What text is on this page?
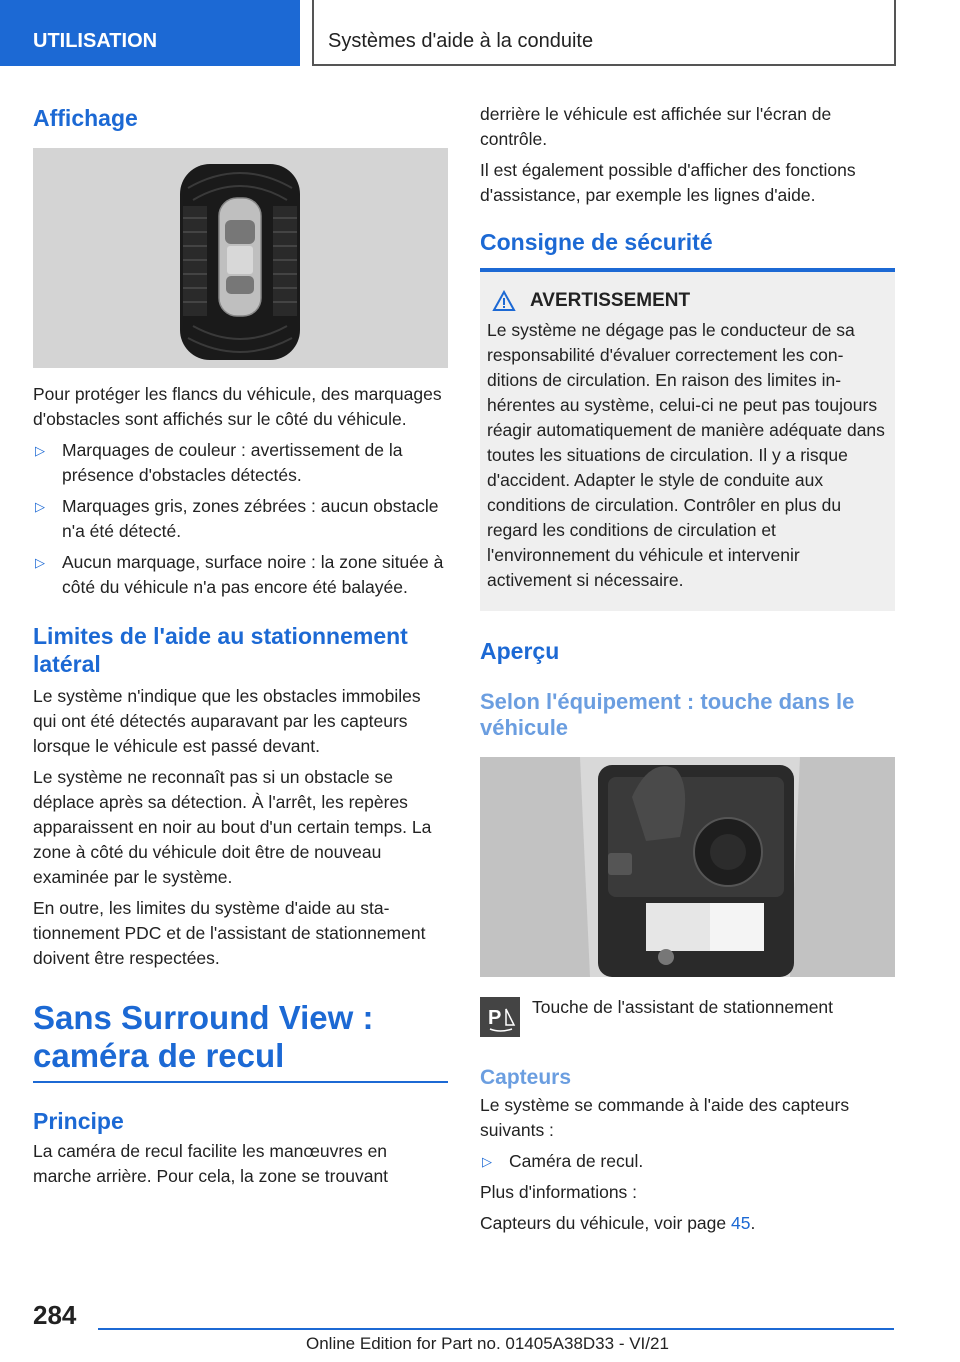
UTILISATION	Systèmes d'aide à la conduite
Affichage

Pour protéger les flancs du véhicule, des marquages d'obstacles sont affichés sur le côté du véhicule.

▷ Marquages de couleur : avertissement de la présence d'obstacles détectés.
▷ Marquages gris, zones zébrées : aucun obstacle n'a été détecté.
▷ Aucun marquage, surface noire : la zone située à côté du véhicule n'a pas encore été balayée.
Limites de l'aide au stationnement latéral

Le système n'indique que les obstacles immobiles qui ont été détectés auparavant par les capteurs lorsque le véhicule est passé devant.

Le système ne reconnaît pas si un obstacle se déplace après sa détection. À l'arrêt, les repères apparaissent en noir au bout d'un certain temps. La zone à côté du véhicule doit être de nouveau examinée par le système.

En outre, les limites du système d'aide au stationnement PDC et de l'assistant de stationnement doivent être respectées.

Sans Surround View : caméra de recul
Principe

La caméra de recul facilite les manœuvres en marche arrière. Pour cela, la zone se trouvant

derrière le véhicule est affichée sur l'écran de contrôle.

Il est également possible d'afficher des fonctions d'assistance, par exemple les lignes d'aide.

Consigne de sécurité
AVERTISSEMENT

Le système ne dégage pas le conducteur de sa responsabilité d'évaluer correctement les conditions de circulation. En raison des limites inhérentes au système, celui-ci ne peut pas toujours réagir automatiquement de manière adéquate dans toutes les situations de circulation. Il y a risque d'accident. Adapter le style de conduite aux conditions de circulation. Contrôler en plus du regard les conditions de circulation et l'environnement du véhicule et intervenir activement si nécessaire.

Aperçu
Selon l'équipement : touche dans le véhicule
P Touche de l'assistant de stationnement

Capteurs

Le système se commande à l'aide des capteurs suivants :

▷ Caméra de recul.

Plus d'informations :

Capteurs du véhicule, voir page 45.

284
Online Edition for Part no. 01405A38D33 - VI/21
